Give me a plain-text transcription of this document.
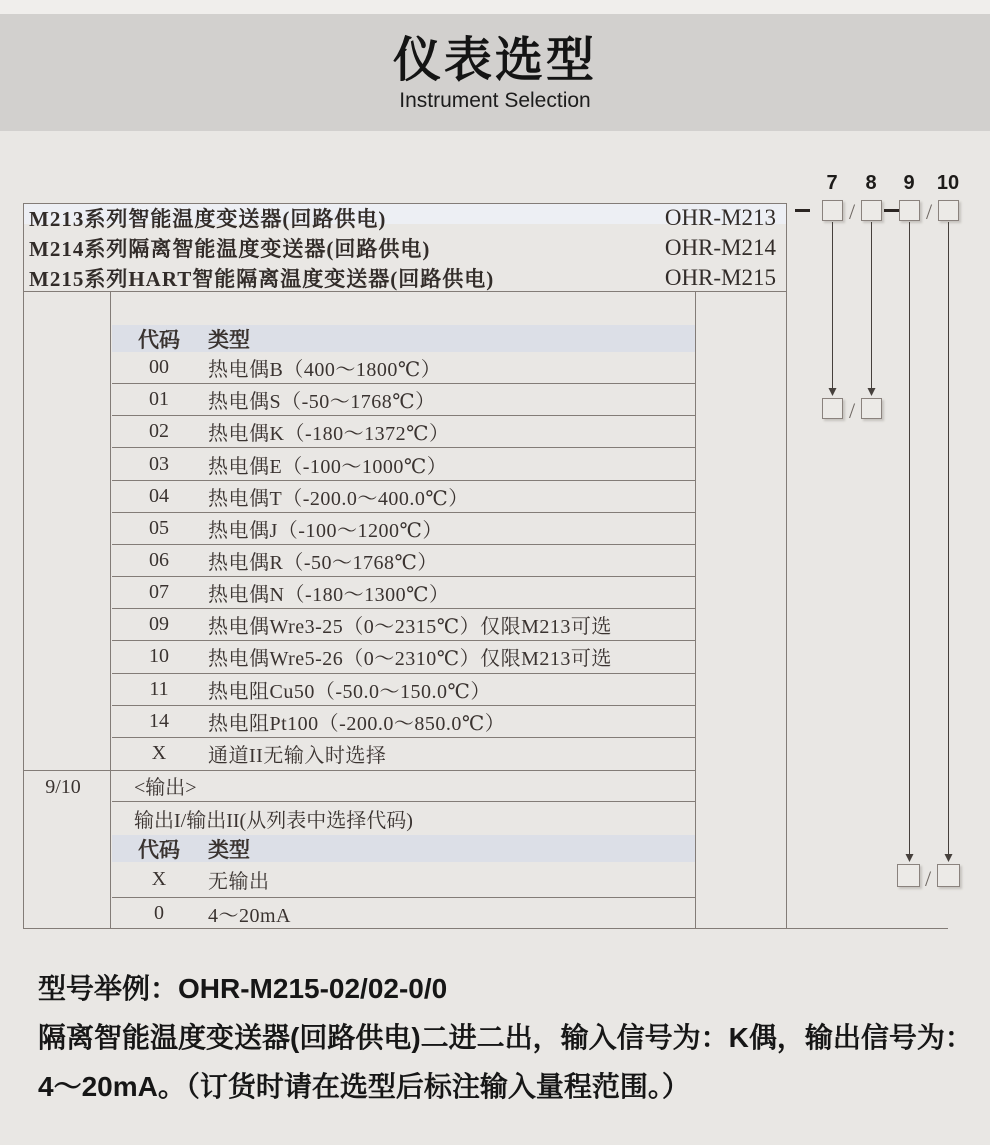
仪表选型
Instrument Selection
M213系列智能温度变送器(回路供电)	OHR-M213
M214系列隔离智能温度变送器(回路供电)	OHR-M214
M215系列HART智能隔离温度变送器(回路供电)	OHR-M215
7 8 9 10
/	/
/
/
代码	类型
00	热电偶B（400～1800℃）
01	热电偶S（-50～1768℃）
02	热电偶K（-180～1372℃）
03	热电偶E（-100～1000℃）
04	热电偶T（-200.0～400.0℃）
05	热电偶J（-100～1200℃）
06	热电偶R（-50～1768℃）
07	热电偶N（-180～1300℃）
09	热电偶Wre3-25（0～2315℃）仅限M213可选
10	热电偶Wre5-26（0～2310℃）仅限M213可选
11	热电阻Cu50（-50.0～150.0℃）
14	热电阻Pt100（-200.0～850.0℃）
X	通道II无输入时选择
9/10	<输出>
输出I/输出II(从列表中选择代码)
代码	类型
X	无输出
0	4～20mA
型号举例：OHR-M215-02/02-0/0
隔离智能温度变送器(回路供电)二进二出，输入信号为：K偶，输出信号为：
4～20mA。（订货时请在选型后标注输入量程范围。）
